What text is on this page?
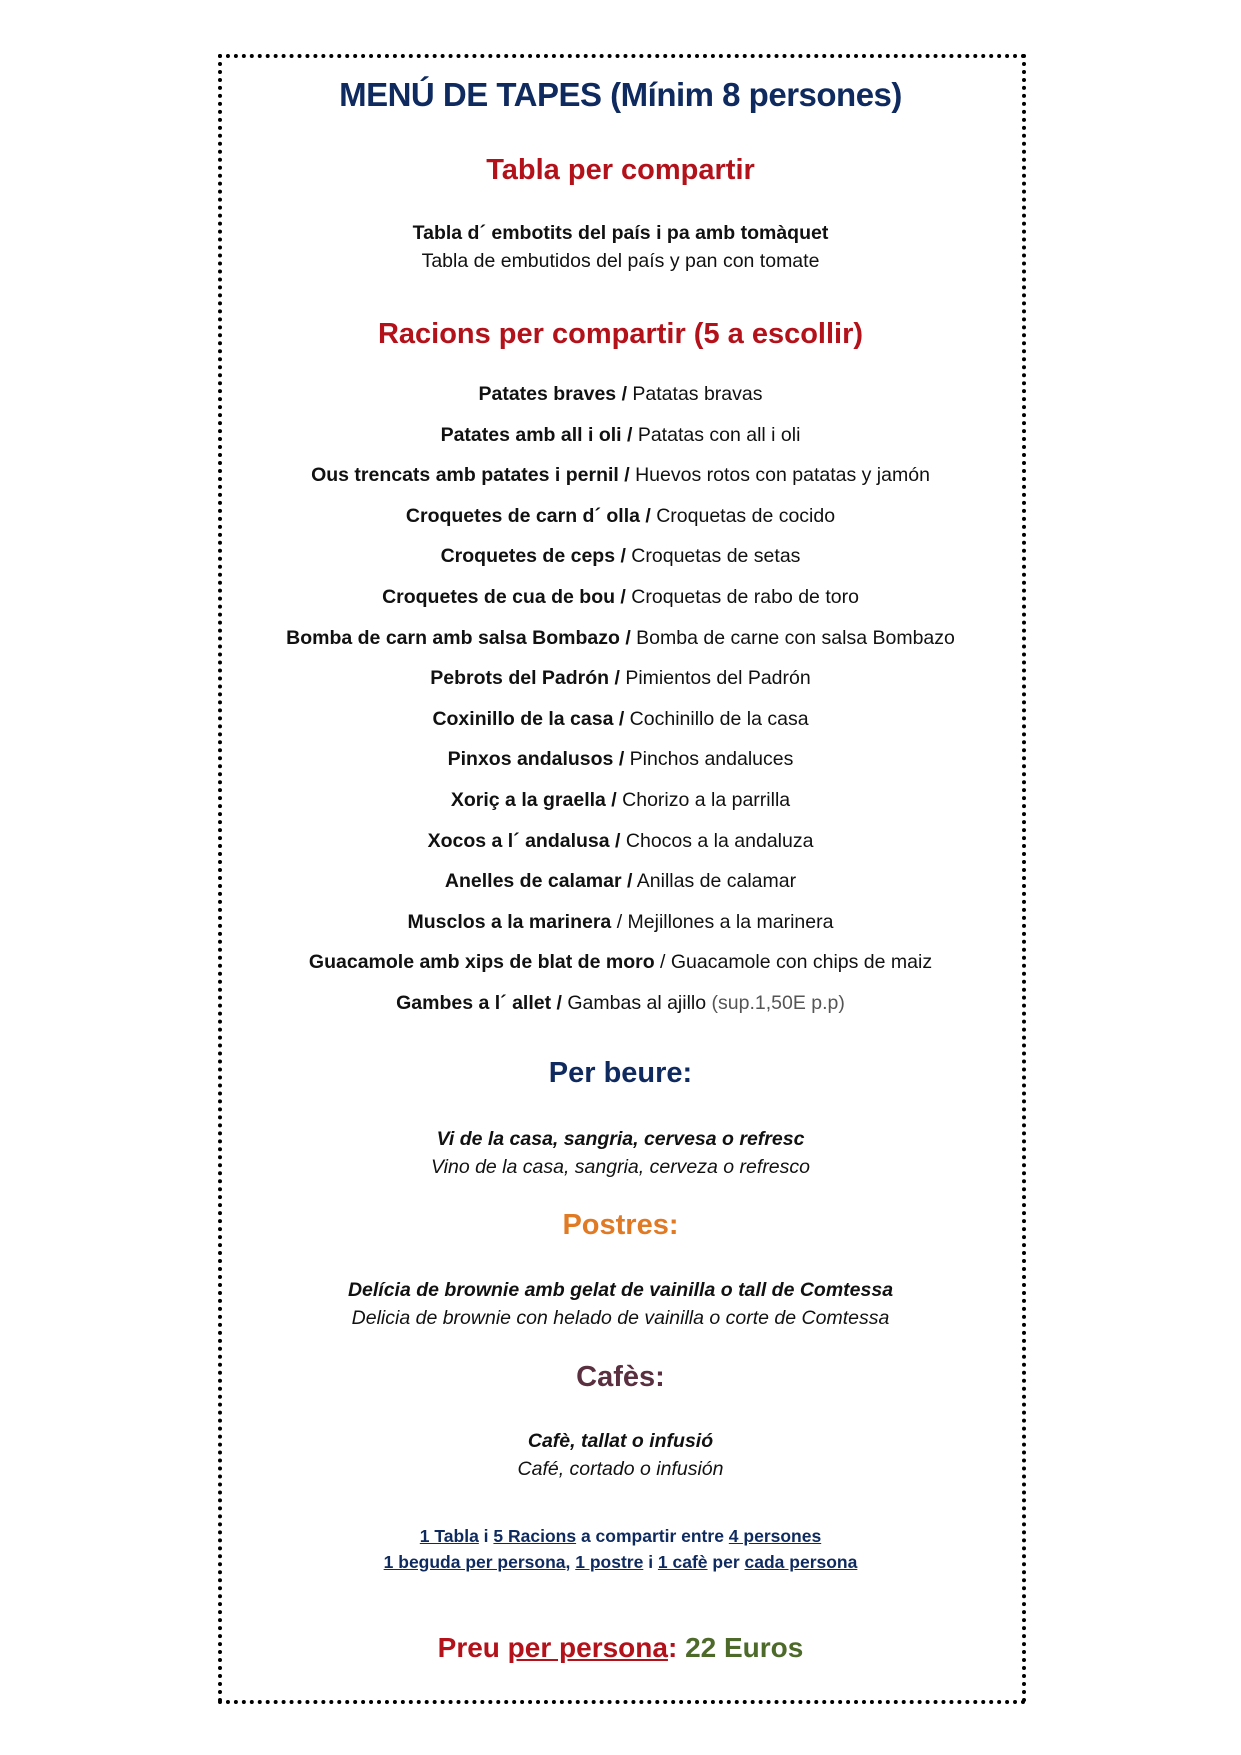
MENÚ DE TAPES (Mínim 8 persones)
Tabla per compartir
Tabla d´ embotits del país i pa amb tomàquet
Tabla de embutidos del país y pan con tomate
Racions per compartir (5 a escollir)
Patates braves / Patatas bravas
Patates amb all i oli / Patatas con all i oli
Ous trencats amb patates i pernil / Huevos rotos con patatas y jamón
Croquetes de carn d´ olla / Croquetas de cocido
Croquetes de ceps / Croquetas de setas
Croquetes de cua de bou / Croquetas de rabo de toro
Bomba de carn amb salsa Bombazo / Bomba de carne con salsa Bombazo
Pebrots del Padrón / Pimientos del Padrón
Coxinillo de la casa / Cochinillo de la casa
Pinxos andalusos / Pinchos andaluces
Xoriç a la graella / Chorizo a la parrilla
Xocos a l´ andalusa / Chocos a la andaluza
Anelles de calamar / Anillas de calamar
Musclos a la marinera / Mejillones a la marinera
Guacamole amb xips de blat de moro / Guacamole con chips de maiz
Gambes a l´ allet / Gambas al ajillo (sup.1,50E p.p)
Per beure:
Vi de la casa, sangria, cervesa o refresc
Vino de la casa, sangria, cerveza o refresco
Postres:
Delícia de brownie amb gelat de vainilla o tall de Comtessa
Delicia de brownie con helado de vainilla o corte de Comtessa
Cafès:
Cafè, tallat o infusió
Café, cortado o infusión
1 Tabla i 5 Racions a compartir entre 4 persones
1 beguda per persona, 1 postre i 1 cafè per cada persona
Preu per persona: 22 Euros
